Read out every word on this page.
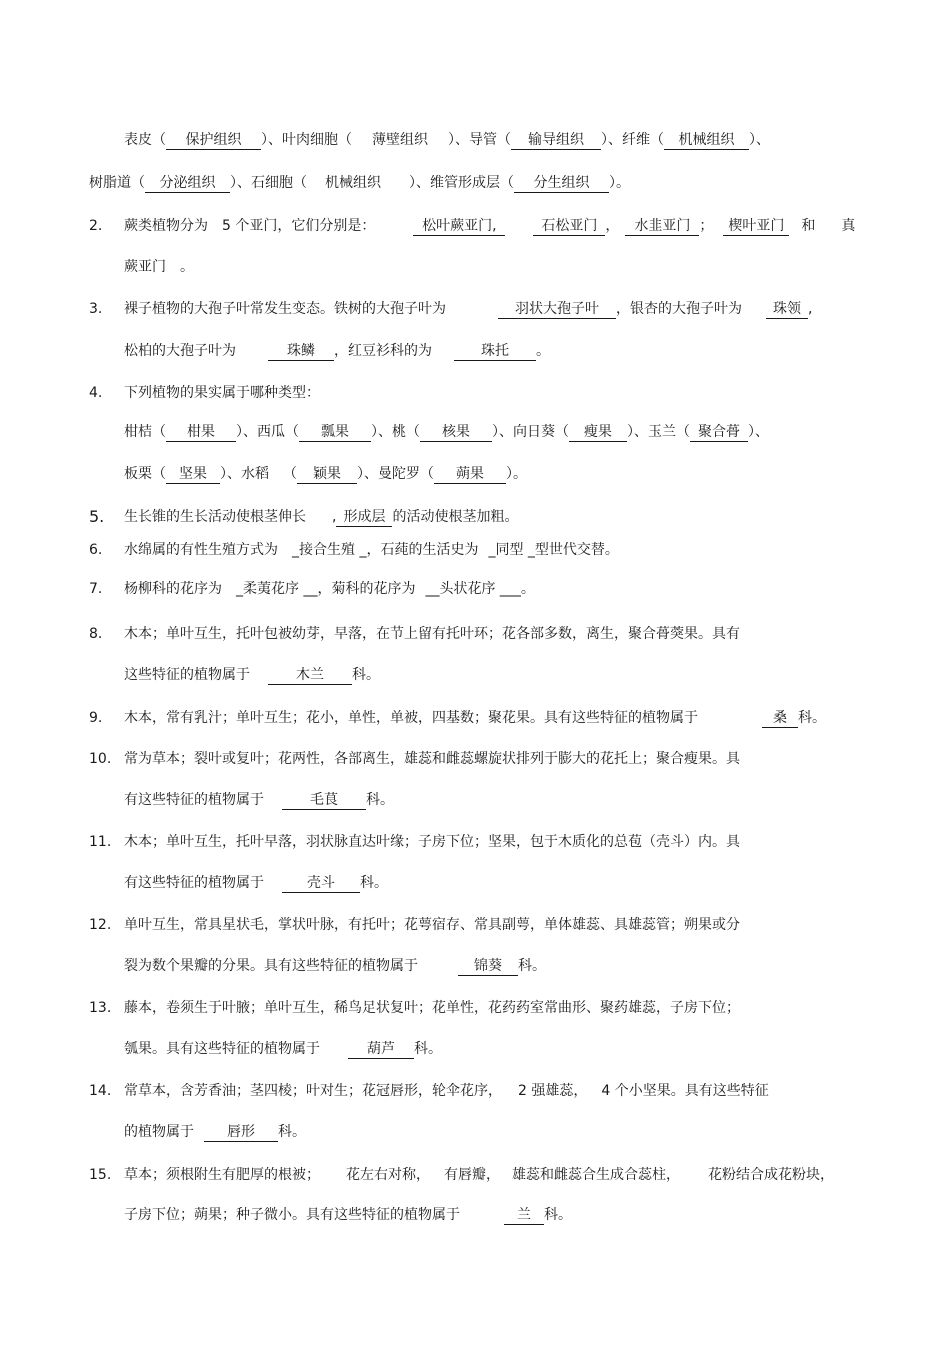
表皮（ 保护组织 ）、叶肉细胞（ 薄壁组织 ）、导管（ 输导组织 ）、纤维（ 机械组织 ）、
树脂道（ 分泌组织 ）、石细胞（ 机械组织 ）、维管形成层（ 分生组织 ）。
2.	蕨类植物分为 5 个亚门，它们分别是：	松叶蕨亚门,	石松亚门 ， 水韭亚门 ； 楔叶亚门 和 真
蕨亚门 。
3.	裸子植物的大孢子叶常发生变态。铁树的大孢子叶为	羽状大孢子叶 ，银杏的大孢子叶为 珠领 ,
松柏的大孢子叶为	珠鳞 ，红豆衫科的为	珠托 。
4.	下列植物的果实属于哪种类型：
柑桔（ 柑果 ）、西瓜（ 瓢果 ）、桃（ 核果 ）、向日葵（ 瘦果 ）、玉兰（ 聚合蓇 ）、
板栗（ 坚果 ）、水稻 （ 颖果 ）、曼陀罗（ 蒴果 ）。
5.	生长锥的生长活动使根茎伸长 , 形成层 的活动使根茎加粗。
6.	水绵属的有性生殖方式为 _接合生殖 _，石莼的生活史为 _同型 _型世代交替。
7.	杨柳科的花序为 _柔荑花序 __，菊科的花序为 __头状花序 ___。
8.	木本；单叶互生，托叶包被幼芽，早落，在节上留有托叶环；花各部多数，离生，聚合蓇葖果。具有
这些特征的植物属于	木兰 科。
9.	木本，常有乳汁；单叶互生；花小，单性，单被，四基数；聚花果。具有这些特征的植物属于	桑 科。
10. 常为草本；裂叶或复叶；花两性，各部离生，雄蕊和雌蕊螺旋状排列于膨大的花托上；聚合瘦果。具
有这些特征的植物属于	毛茛 科。
11. 木本；单叶互生，托叶早落，羽状脉直达叶缘；子房下位；坚果，包于木质化的总苞（壳斗）内。具
有这些特征的植物属于	壳斗 科。
12. 单叶互生，常具星状毛，掌状叶脉，有托叶；花萼宿存、常具副萼，单体雄蕊、具雄蕊管；朔果或分
裂为数个果瓣的分果。具有这些特征的植物属于	锦葵 科。
13. 藤本，卷须生于叶腋；单叶互生，稀鸟足状复叶；花单性，花药药室常曲形、聚药雄蕊，子房下位；
瓠果。具有这些特征的植物属于	葫芦 科。
14. 常草本，含芳香油；茎四棱；叶对生；花冠唇形，轮伞花序， 2 强雄蕊， 4 个小坚果。具有这些特征
的植物属于 唇形 科。
15. 草本；须根附生有肥厚的根被； 花左右对称， 有唇瓣， 雄蕊和雌蕊合生成合蕊柱， 花粉结合成花粉块，
子房下位；蒴果；种子微小。具有这些特征的植物属于	兰 科。
